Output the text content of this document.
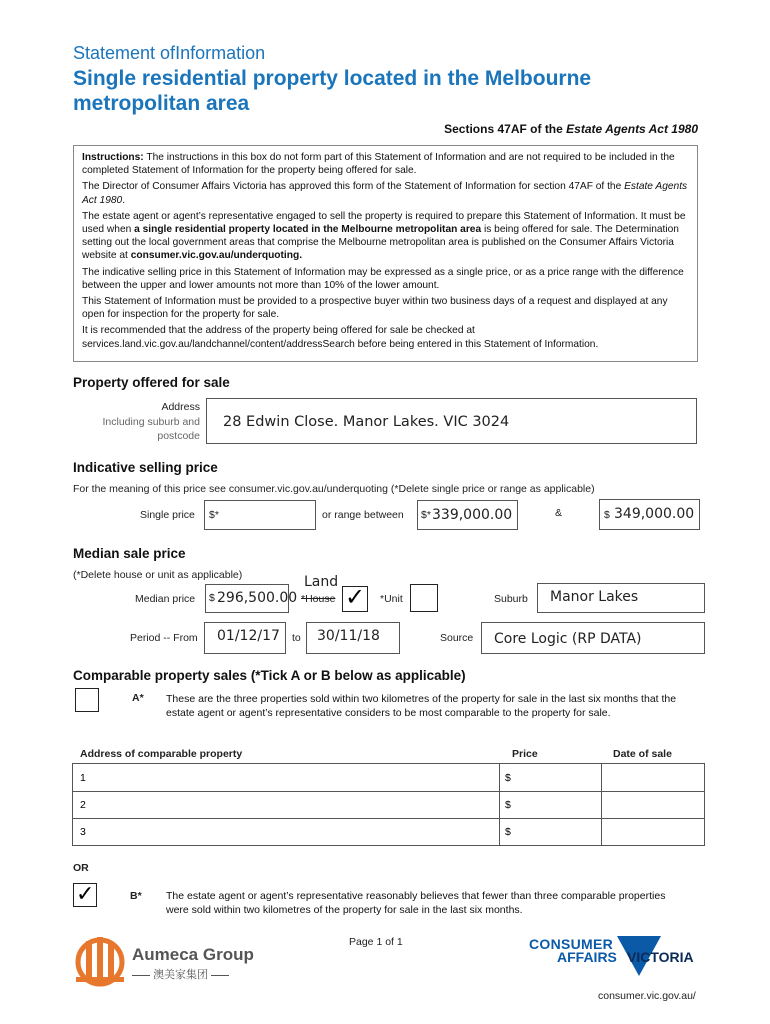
Statement ofInformation
Single residential property located in the Melbourne
metropolitan area
Sections 47AF of the Estate Agents Act 1980
Instructions: The instructions in this box do not form part of this Statement of Information and are not required to be included in the completed Statement of Information for the property being offered for sale.
The Director of Consumer Affairs Victoria has approved this form of the Statement of Information for section 47AF of the Estate Agents Act 1980.
The estate agent or agent’s representative engaged to sell the property is required to prepare this Statement of Information. It must be used when a single residential property located in the Melbourne metropolitan area is being offered for sale. The Determination setting out the local government areas that comprise the Melbourne metropolitan area is published on the Consumer Affairs Victoria website at consumer.vic.gov.au/underquoting.
The indicative selling price in this Statement of Information may be expressed as a single price, or as a price range with the difference between the upper and lower amounts not more than 10% of the lower amount.
This Statement of Information must be provided to a prospective buyer within two business days of a request and displayed at any open for inspection for the property for sale.
It is recommended that the address of the property being offered for sale be checked at services.land.vic.gov.au/landchannel/content/addressSearch before being entered in this Statement of Information.
Property offered for sale
Address
Including suburb and
postcode
28 Edwin Close. Manor Lakes. VIC 3024
Indicative selling price
For the meaning of this price see consumer.vic.gov.au/underquoting (*Delete single price or range as applicable)
Single price $*	or range between $* 339,000.00	&	$ 349,000.00
Median sale price
(*Delete house or unit as applicable)
Median price $ 296,500.00
Land
*House ✓ *Unit	Suburb Manor Lakes
Period -- From 01/12/17 to 30/11/18	Source Core Logic (RP DATA)
Comparable property sales (*Tick A or B below as applicable)
A* These are the three properties sold within two kilometres of the property for sale in the last six months that the estate agent or agent’s representative considers to be most comparable to the property for sale.
Address of comparable property	Price	Date of sale
1	$	
2	$	
3	$	
OR
✓	B* The estate agent or agent’s representative reasonably believes that fewer than three comparable properties were sold within two kilometres of the property for sale in the last six months.
Page 1 of 1
Aumeca Group
澳美家集团
CONSUMER
AFFAIRS VICTORIA
consumer.vic.gov.au/
